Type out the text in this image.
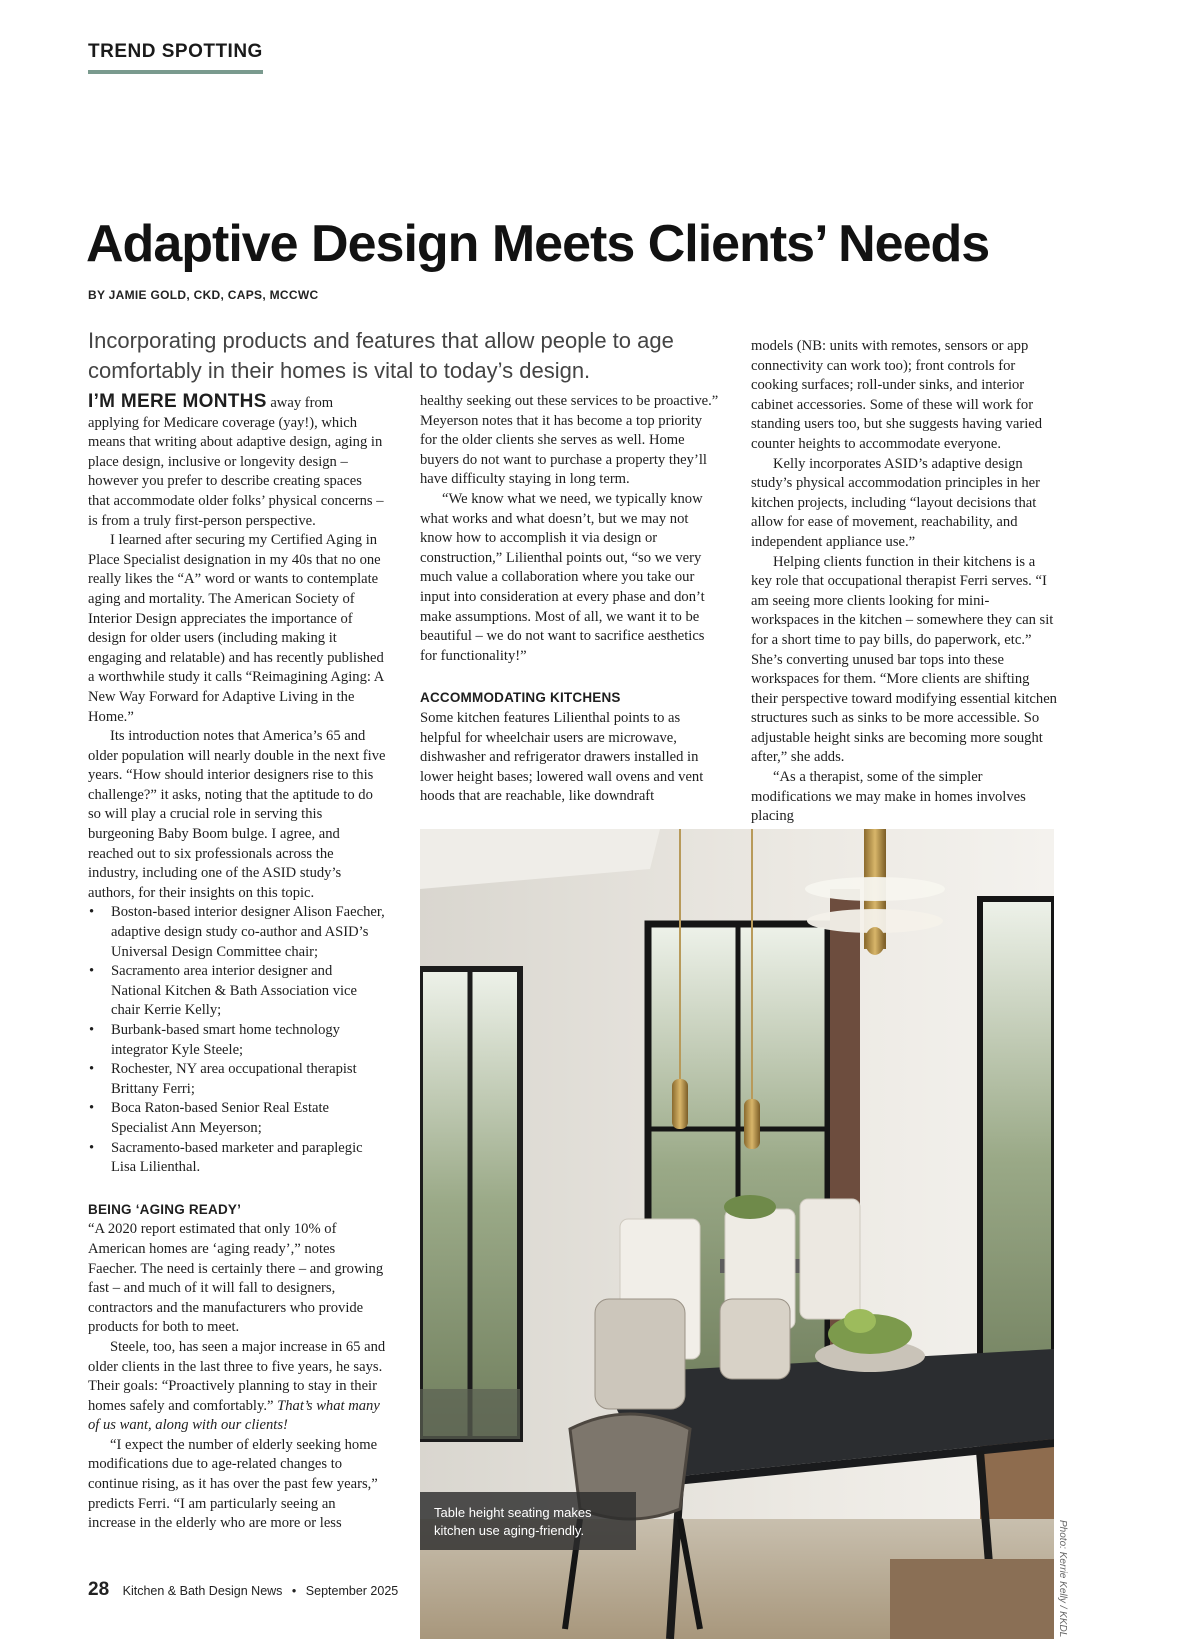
TREND SPOTTING
Adaptive Design Meets Clients’ Needs
BY JAMIE GOLD, CKD, CAPS, MCCWC
Incorporating products and features that allow people to age comfortably in their homes is vital to today’s design.

I’M MERE MONTHS away from applying for Medicare coverage (yay!), which means that writing about adaptive design, aging in place design, inclusive or longevity design – however you prefer to describe creating spaces that accommodate older folks’ physical concerns – is from a truly first-person perspective.

I learned after securing my Certified Aging in Place Specialist designation in my 40s that no one really likes the “A” word or wants to contemplate aging and mortality. The American Society of Interior Design appreciates the importance of design for older users (including making it engaging and relatable) and has recently published a worthwhile study it calls “Reimagining Aging: A New Way Forward for Adaptive Living in the Home.”

Its introduction notes that America’s 65 and older population will nearly double in the next five years. “How should interior designers rise to this challenge?” it asks, noting that the aptitude to do so will play a crucial role in serving this burgeoning Baby Boom bulge. I agree, and reached out to six professionals across the industry, including one of the ASID study’s authors, for their insights on this topic.

• Boston-based interior designer Alison Faecher, adaptive design study co-author and ASID’s Universal Design Committee chair;
• Sacramento area interior designer and National Kitchen & Bath Association vice chair Kerrie Kelly;
• Burbank-based smart home technology integrator Kyle Steele;
• Rochester, NY area occupational therapist Brittany Ferri;
• Boca Raton-based Senior Real Estate Specialist Ann Meyerson;
• Sacramento-based marketer and paraplegic Lisa Lilienthal.

BEING ‘AGING READY’

“A 2020 report estimated that only 10% of American homes are ‘aging ready’,” notes Faecher. The need is certainly there – and growing fast – and much of it will fall to designers, contractors and the manufacturers who provide products for both to meet.

Steele, too, has seen a major increase in 65 and older clients in the last three to five years, he says. Their goals: “Proactively planning to stay in their homes safely and comfortably.” That’s what many of us want, along with our clients!

“I expect the number of elderly seeking home modifications due to age-related changes to continue rising, as it has over the past few years,” predicts Ferri. “I am particularly seeing an increase in the elderly who are more or less

healthy seeking out these services to be proactive.” Meyerson notes that it has become a top priority for the older clients she serves as well. Home buyers do not want to purchase a property they’ll have difficulty staying in long term.

“We know what we need, we typically know what works and what doesn’t, but we may not know how to accomplish it via design or construction,” Lilienthal points out, “so we very much value a collaboration where you take our input into consideration at every phase and don’t make assumptions. Most of all, we want it to be beautiful – we do not want to sacrifice aesthetics for functionality!”

ACCOMMODATING KITCHENS

Some kitchen features Lilienthal points to as helpful for wheelchair users are microwave, dishwasher and refrigerator drawers installed in lower height bases; lowered wall ovens and vent hoods that are reachable, like downdraft

models (NB: units with remotes, sensors or app connectivity can work too); front controls for cooking surfaces; roll-under sinks, and interior cabinet accessories. Some of these will work for standing users too, but she suggests having varied counter heights to accommodate everyone.

Kelly incorporates ASID’s adaptive design study’s physical accommodation principles in her kitchen projects, including “layout decisions that allow for ease of movement, reachability, and independent appliance use.”

Helping clients function in their kitchens is a key role that occupational therapist Ferri serves. “I am seeing more clients looking for mini-workspaces in the kitchen – somewhere they can sit for a short time to pay bills, do paperwork, etc.” She’s converting unused bar tops into these workspaces for them. “More clients are shifting their perspective toward modifying essential kitchen structures such as sinks to be more accessible. So adjustable height sinks are becoming more sought after,” she adds.

“As a therapist, some of the simpler modifications we may make in homes involves placing

Table height seating makes kitchen use aging-friendly.	Photo: Kerrie Kelly / KKDL
28 Kitchen & Bath Design News • September 2025
